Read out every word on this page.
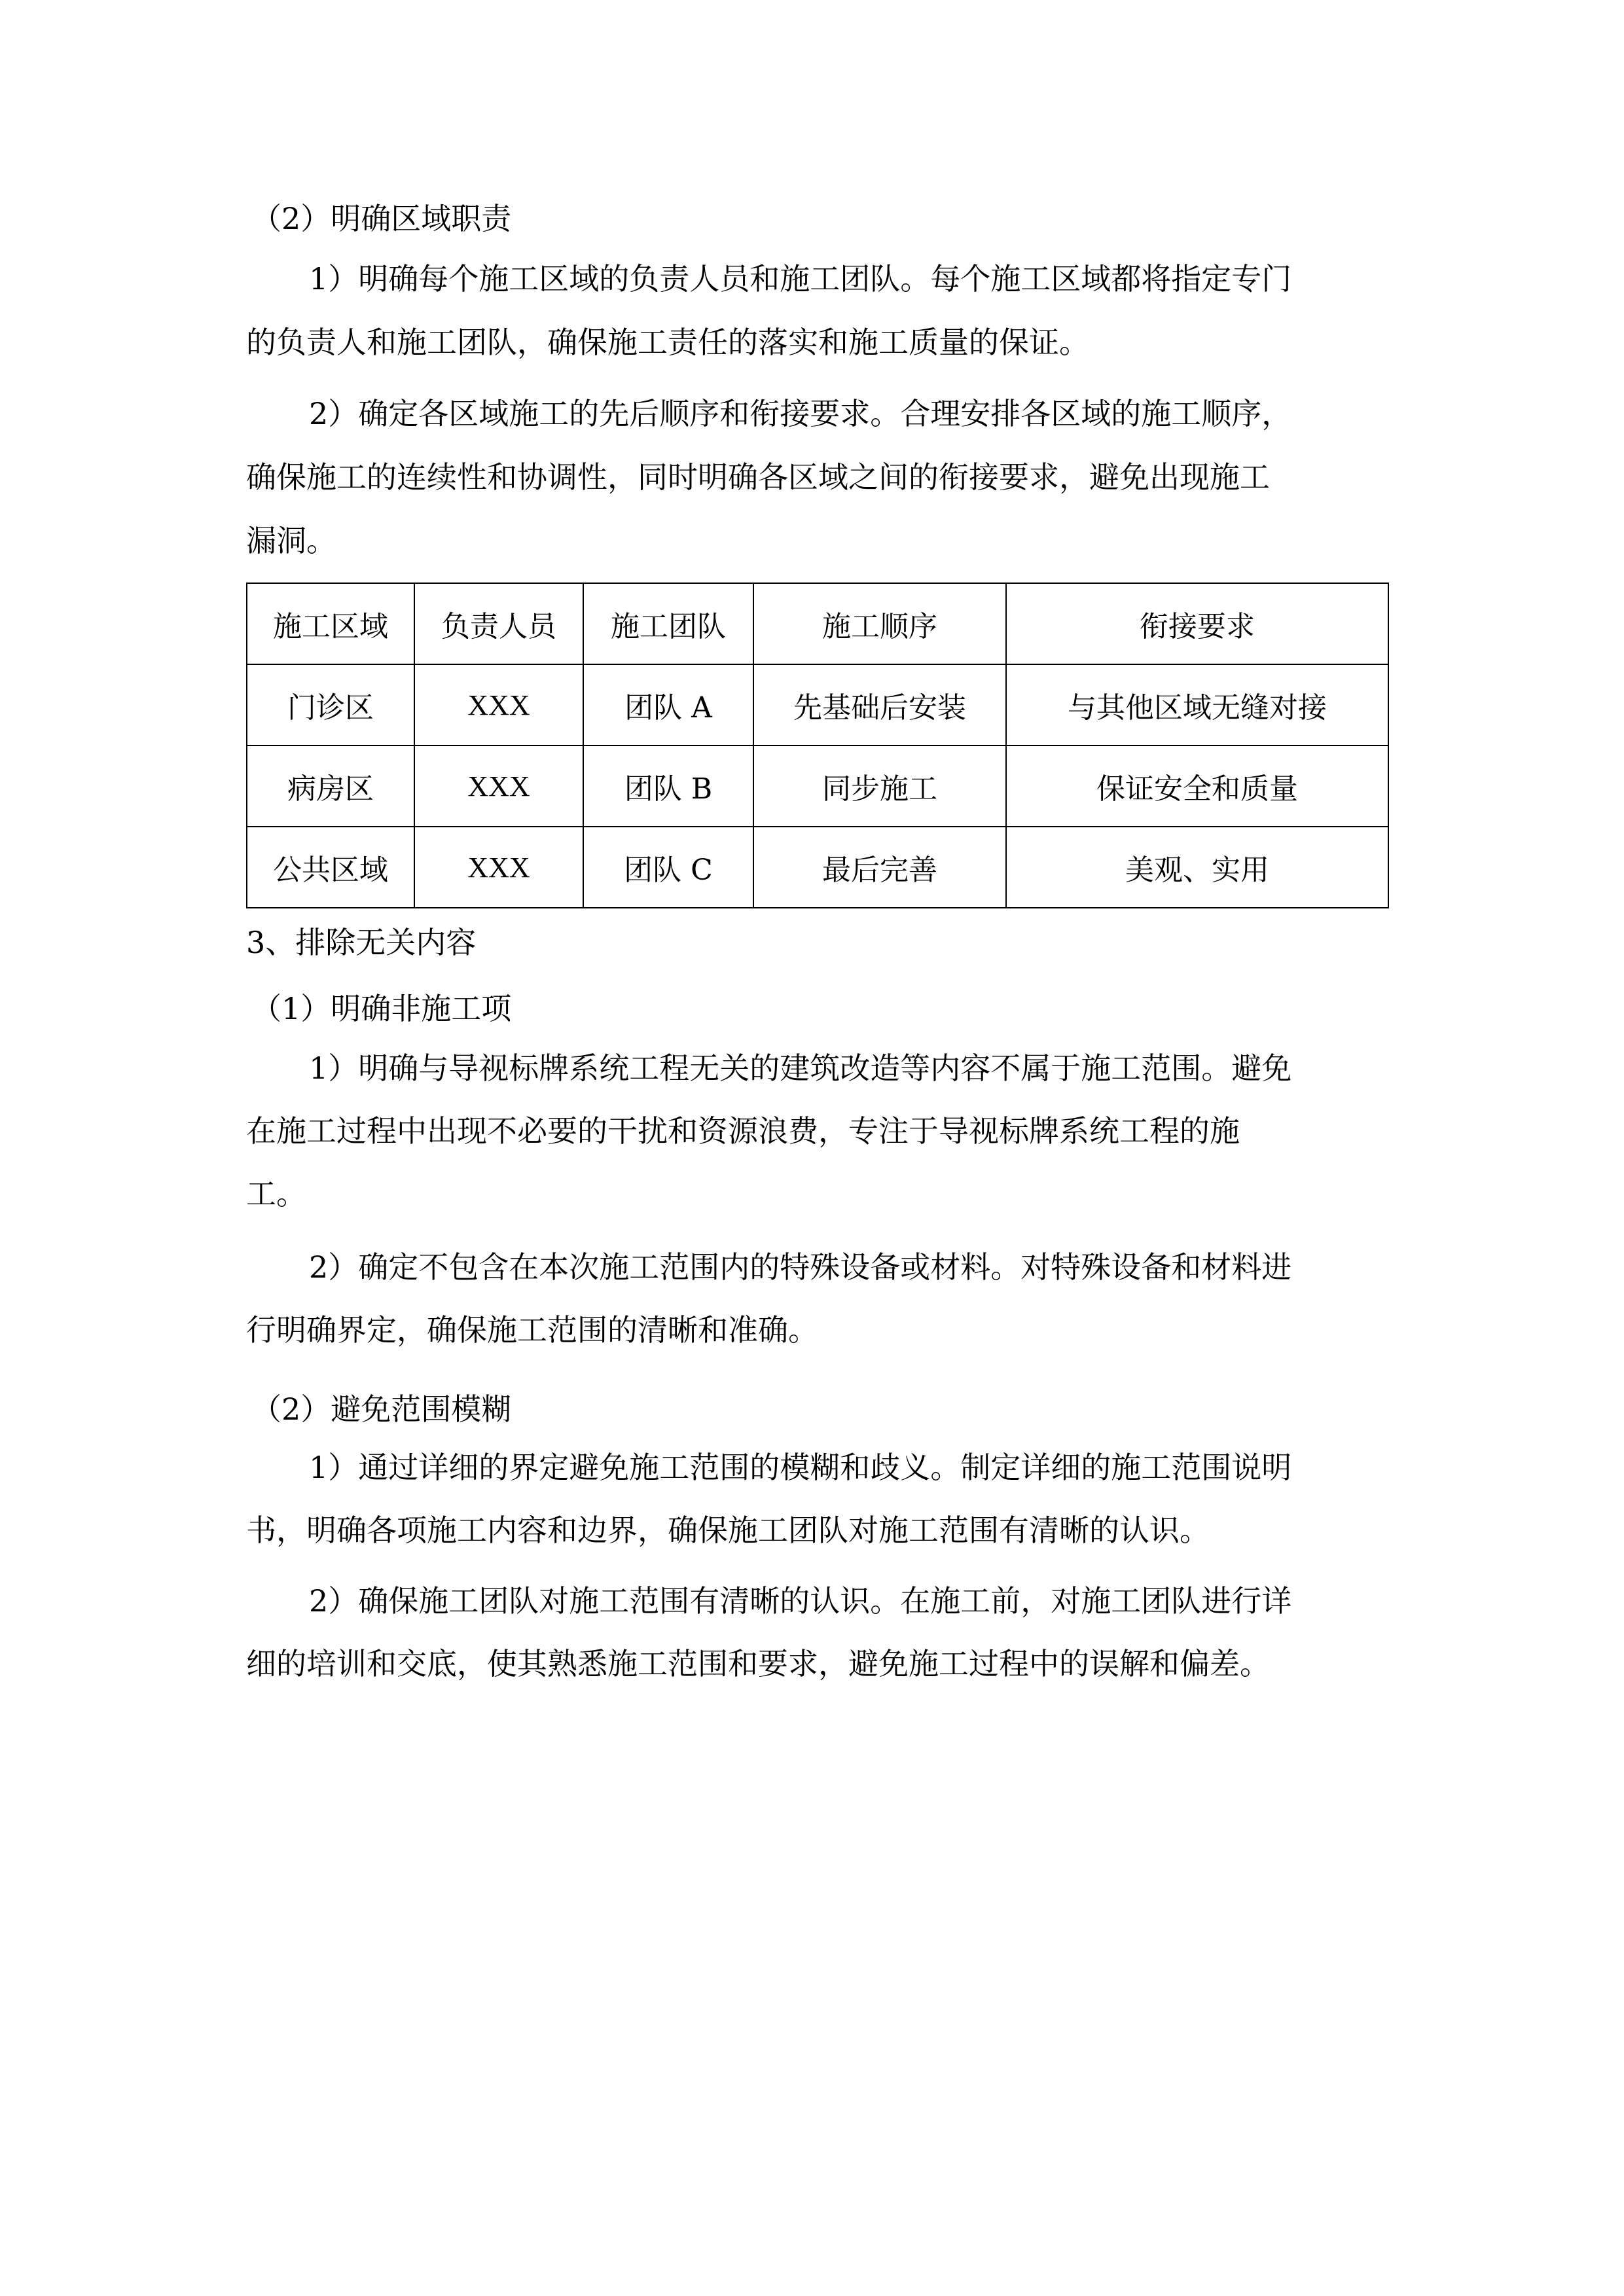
（2）明确区域职责
1）明确每个施工区域的负责人员和施工团队。每个施工区域都将指定专门
的负责人和施工团队，确保施工责任的落实和施工质量的保证。
2）确定各区域施工的先后顺序和衔接要求。合理安排各区域的施工顺序，
确保施工的连续性和协调性，同时明确各区域之间的衔接要求，避免出现施工
漏洞。
施工区域	负责人员	施工团队	施工顺序	衔接要求
门诊区	XXX	团队 A	先基础后安装	与其他区域无缝对接
病房区	XXX	团队 B	同步施工	保证安全和质量
公共区域	XXX	团队 C	最后完善	美观、实用
3、排除无关内容
（1）明确非施工项
1）明确与导视标牌系统工程无关的建筑改造等内容不属于施工范围。避免
在施工过程中出现不必要的干扰和资源浪费，专注于导视标牌系统工程的施
工。
2）确定不包含在本次施工范围内的特殊设备或材料。对特殊设备和材料进
行明确界定，确保施工范围的清晰和准确。
（2）避免范围模糊
1）通过详细的界定避免施工范围的模糊和歧义。制定详细的施工范围说明
书，明确各项施工内容和边界，确保施工团队对施工范围有清晰的认识。
2）确保施工团队对施工范围有清晰的认识。在施工前，对施工团队进行详
细的培训和交底，使其熟悉施工范围和要求，避免施工过程中的误解和偏差。
